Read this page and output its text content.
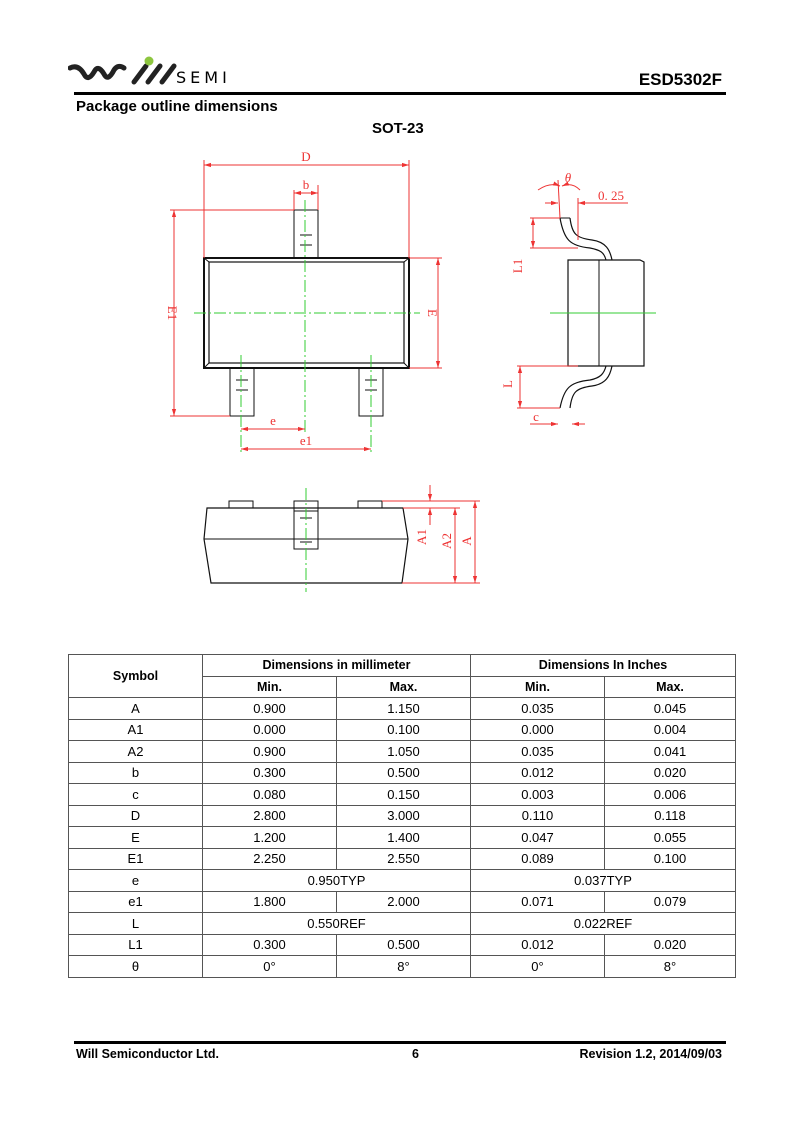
SEMI	ESD5302F
Package outline dimensions
SOT-23
D
b
E1	E
e
e1
θ
0. 25
L1
L
c
A1 A2 A
Symbol	Dimensions in millimeter		Dimensions In Inches	
	Min.	Max.	Min.	Max.
A	0.900	1.150	0.035	0.045
A1	0.000	0.100	0.000	0.004
A2	0.900	1.050	0.035	0.041
b	0.300	0.500	0.012	0.020
c	0.080	0.150	0.003	0.006
D	2.800	3.000	0.110	0.118
E	1.200	1.400	0.047	0.055
E1	2.250	2.550	0.089	0.100
e	0.950TYP		0.037TYP	
e1	1.800	2.000	0.071	0.079
L	0.550REF		0.022REF	
L1	0.300	0.500	0.012	0.020
θ	0°	8°	0°	8°
Will Semiconductor Ltd.	6	Revision 1.2, 2014/09/03
